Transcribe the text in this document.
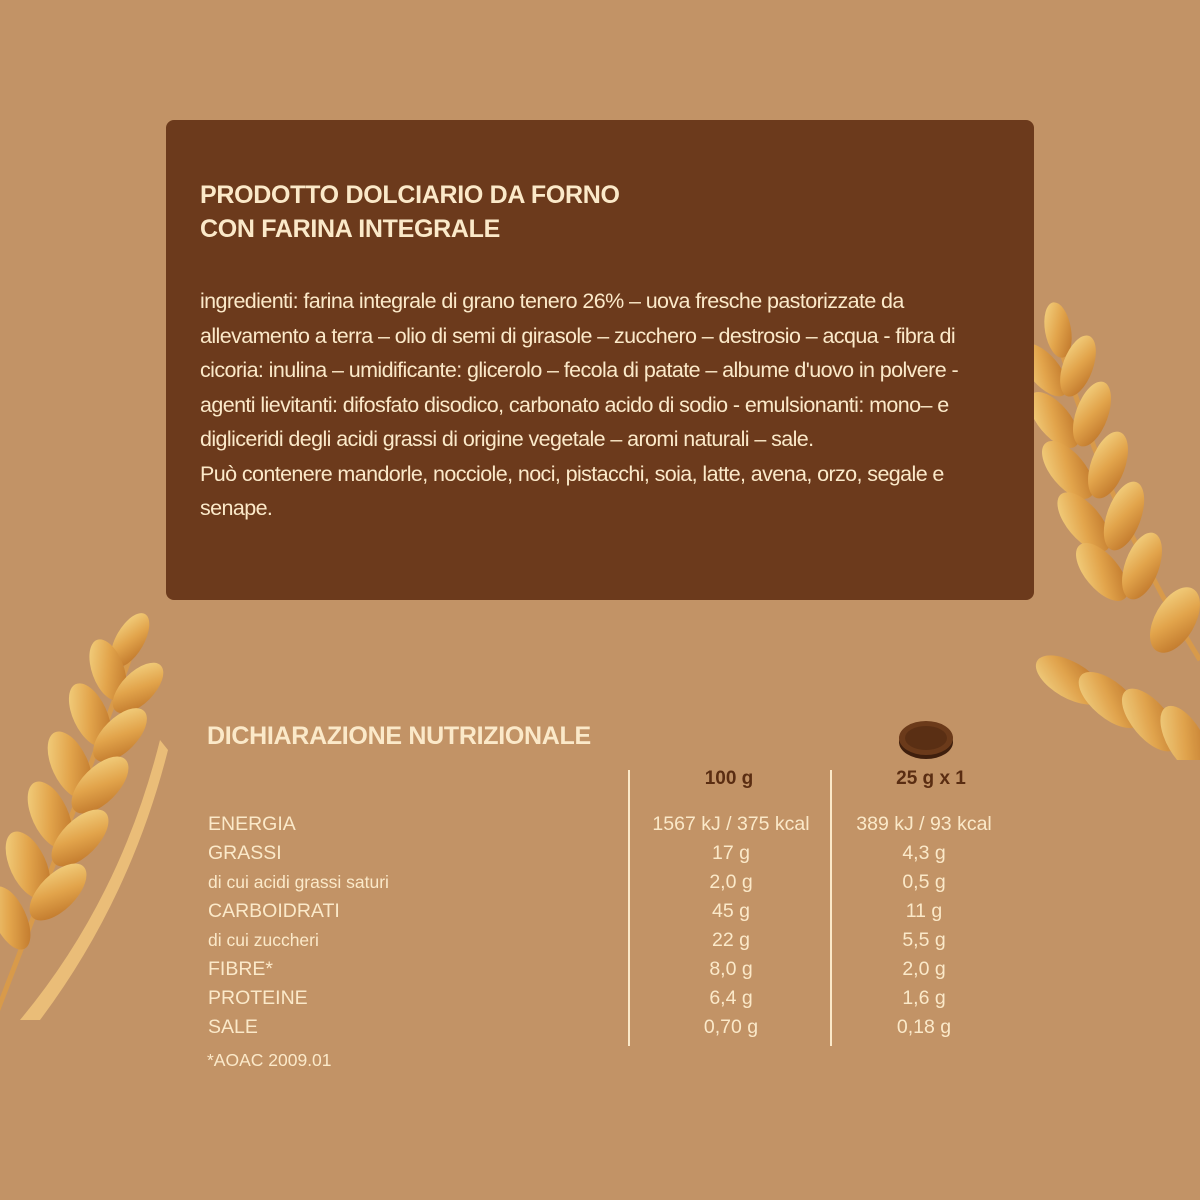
PRODOTTO DOLCIARIO DA FORNO
CON FARINA INTEGRALE

ingredienti: farina integrale di grano tenero 26% – uova fresche pastorizzate da allevamento a terra – olio di semi di girasole – zucchero – destrosio – acqua - fibra di cicoria: inulina – umidificante: glicerolo – fecola di patate – albume d'uovo in polvere - agenti lievitanti: difosfato disodico, carbonato acido di sodio - emulsionanti: mono– e digliceridi degli acidi grassi di origine vegetale – aromi naturali – sale.

Può contenere mandorle, nocciole, noci, pistacchi, soia, latte, avena, orzo, segale e senape.

DICHIARAZIONE NUTRIZIONALE

100 g	25 g x 1
ENERGIA	1567 kJ / 375 kcal	389 kJ / 93 kcal
GRASSI	17 g	4,3 g
di cui acidi grassi saturi	2,0 g	0,5 g
CARBOIDRATI	45 g	11 g
di cui zuccheri	22 g	5,5 g
FIBRE*	8,0 g	2,0 g
PROTEINE	6,4 g	1,6 g
SALE	0,70 g	0,18 g

*AOAC 2009.01
